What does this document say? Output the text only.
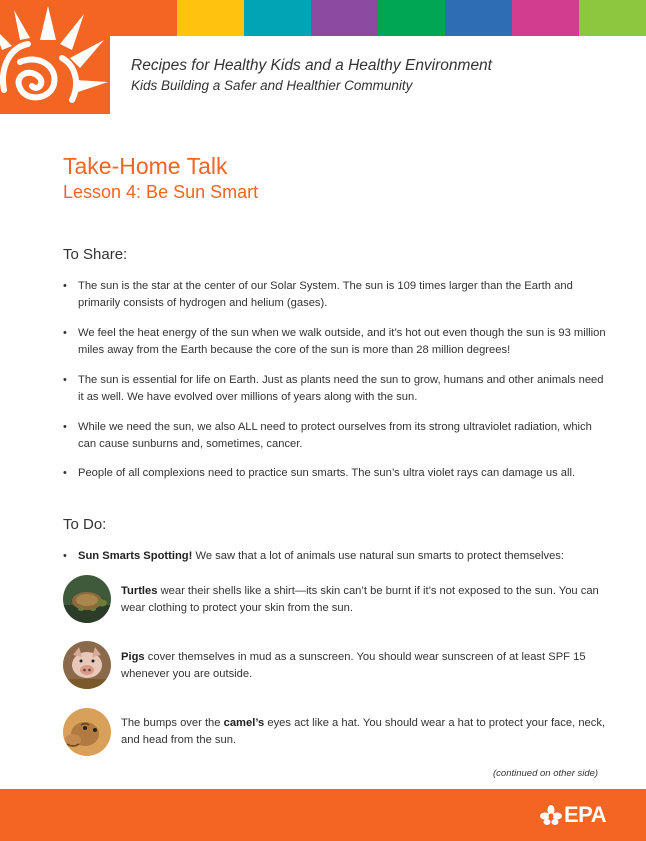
Recipes for Healthy Kids and a Healthy Environment
Kids Building a Safer and Healthier Community
Take-Home Talk
Lesson 4: Be Sun Smart
To Share:
• The sun is the star at the center of our Solar System. The sun is 109 times larger than the Earth and primarily consists of hydrogen and helium (gases).
• We feel the heat energy of the sun when we walk outside, and it’s hot out even though the sun is 93 million miles away from the Earth because the core of the sun is more than 28 million degrees!
• The sun is essential for life on Earth. Just as plants need the sun to grow, humans and other animals need it as well. We have evolved over millions of years along with the sun.
• While we need the sun, we also ALL need to protect ourselves from its strong ultraviolet radiation, which can cause sunburns and, sometimes, cancer.
• People of all complexions need to practice sun smarts. The sun’s ultra violet rays can damage us all.
To Do:
• Sun Smarts Spotting! We saw that a lot of animals use natural sun smarts to protect themselves:
Turtles wear their shells like a shirt—its skin can’t be burnt if it’s not exposed to the sun. You can wear clothing to protect your skin from the sun.
Pigs cover themselves in mud as a sunscreen. You should wear sunscreen of at least SPF 15 whenever you are outside.
The bumps over the camel’s eyes act like a hat. You should wear a hat to protect your face, neck, and head from the sun.
(continued on other side)
EPA
